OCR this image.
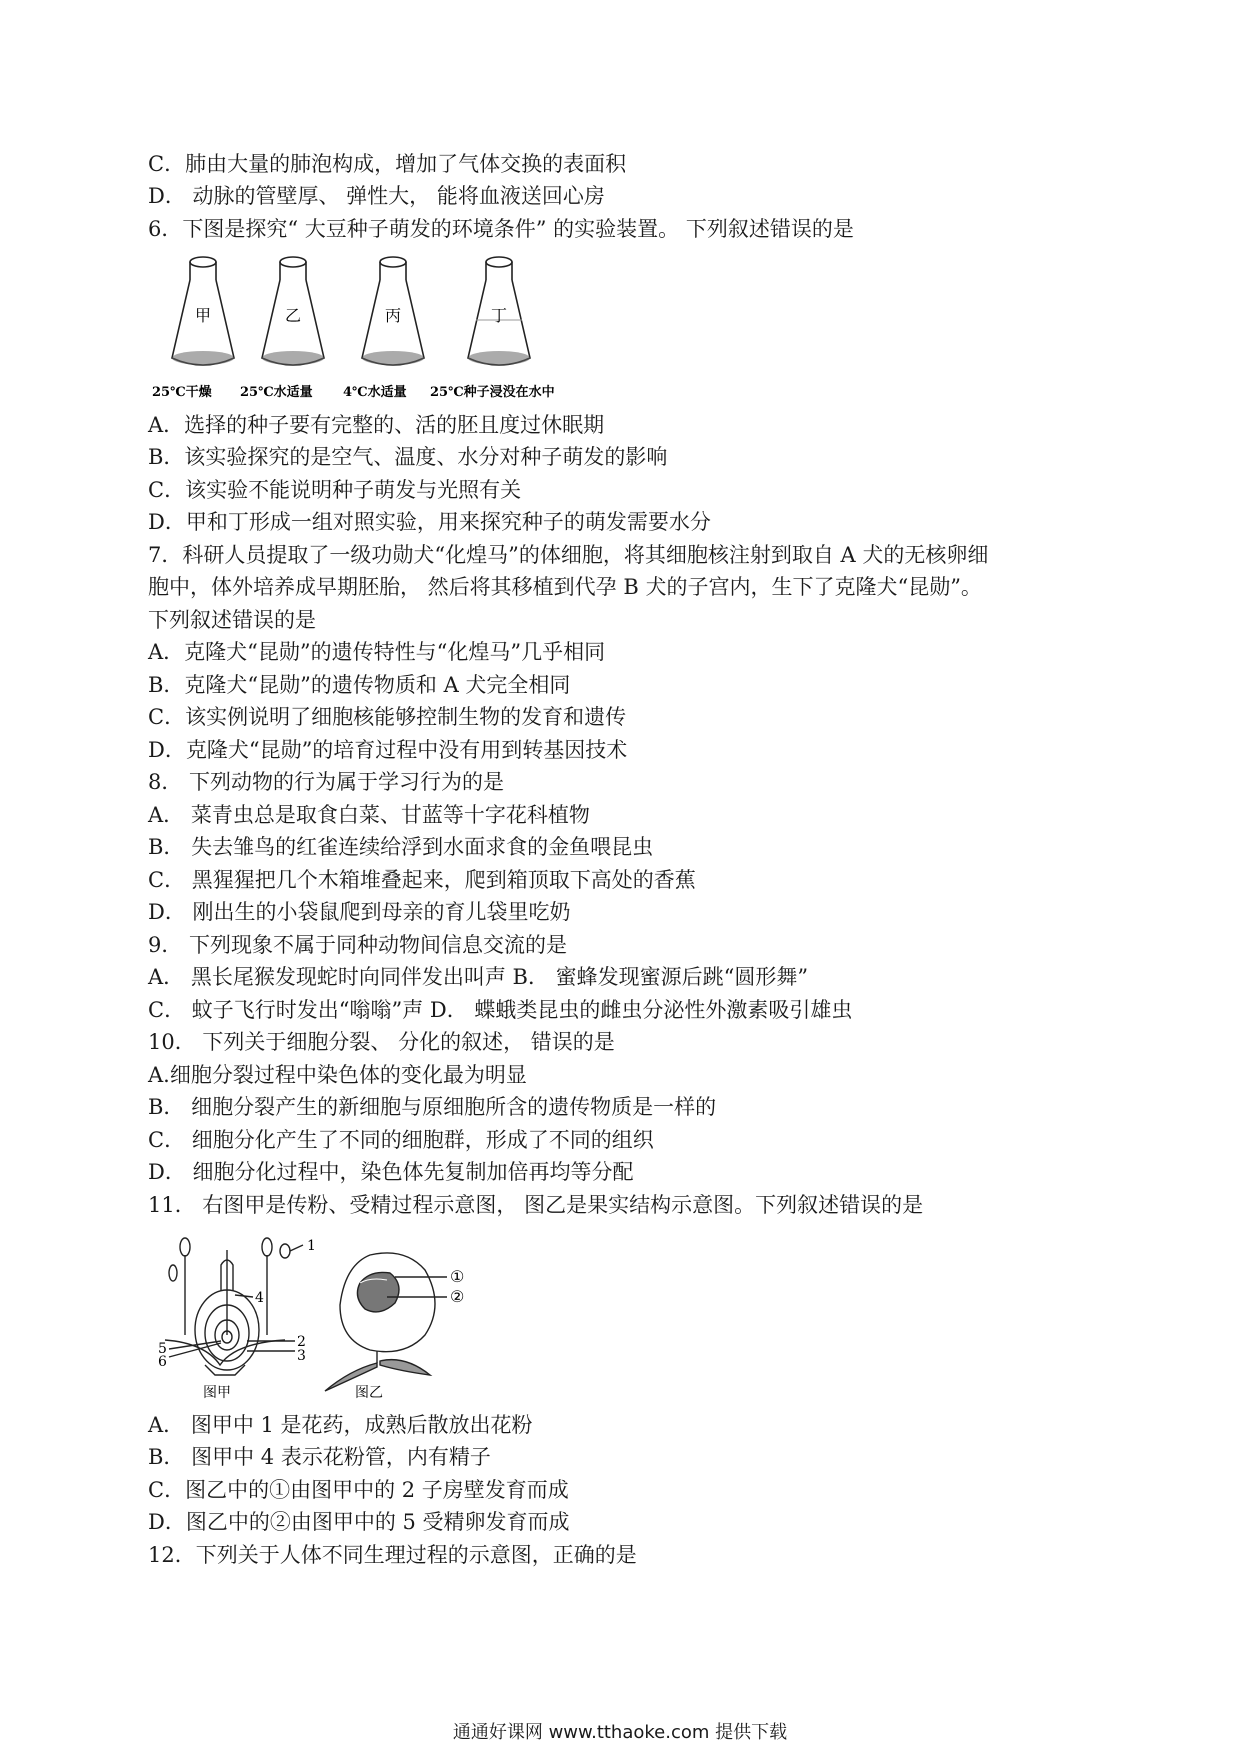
C．肺由大量的肺泡构成，增加了气体交换的表面积
D． 动脉的管壁厚、 弹性大， 能将血液送回心房
6．下图是探究“ 大豆种子萌发的环境条件” 的实验装置。 下列叙述错误的是
甲	乙	丙	丁
25℃干燥 25℃水适量 4℃水适量 25℃种子浸没在水中
A．选择的种子要有完整的、活的胚且度过休眠期
B．该实验探究的是空气、温度、水分对种子萌发的影响
C．该实验不能说明种子萌发与光照有关
D．甲和丁形成一组对照实验，用来探究种子的萌发需要水分
7．科研人员提取了一级功勋犬“化煌马”的体细胞，将其细胞核注射到取自 A 犬的无核卵细
胞中，体外培养成早期胚胎， 然后将其移植到代孕 B 犬的子宫内，生下了克隆犬“昆勋”。
下列叙述错误的是
A．克隆犬“昆勋”的遗传特性与“化煌马”几乎相同
B．克隆犬“昆勋”的遗传物质和 A 犬完全相同
C．该实例说明了细胞核能够控制生物的发育和遗传
D．克隆犬“昆勋”的培育过程中没有用到转基因技术
8． 下列动物的行为属于学习行为的是
A． 菜青虫总是取食白菜、甘蓝等十字花科植物
B． 失去雏鸟的红雀连续给浮到水面求食的金鱼喂昆虫
C． 黑猩猩把几个木箱堆叠起来，爬到箱顶取下高处的香蕉
D． 刚出生的小袋鼠爬到母亲的育儿袋里吃奶
9． 下列现象不属于同种动物间信息交流的是
A． 黑长尾猴发现蛇时向同伴发出叫声 B． 蜜蜂发现蜜源后跳“圆形舞”
C． 蚊子飞行时发出“嗡嗡”声 D． 蝶蛾类昆虫的雌虫分泌性外激素吸引雄虫
10． 下列关于细胞分裂、 分化的叙述， 错误的是
A.细胞分裂过程中染色体的变化最为明显
B． 细胞分裂产生的新细胞与原细胞所含的遗传物质是一样的
C． 细胞分化产生了不同的细胞群，形成了不同的组织
D． 细胞分化过程中，染色体先复制加倍再均等分配
11． 右图甲是传粉、受精过程示意图， 图乙是果实结构示意图。下列叙述错误的是
1
2
3
4
5
6
图甲
①
②
图乙
A． 图甲中 1 是花药，成熟后散放出花粉
B． 图甲中 4 表示花粉管，内有精子
C．图乙中的①由图甲中的 2 子房壁发育而成
D．图乙中的②由图甲中的 5 受精卵发育而成
12．下列关于人体不同生理过程的示意图，正确的是
通通好课网 www.tthaoke.com 提供下载
